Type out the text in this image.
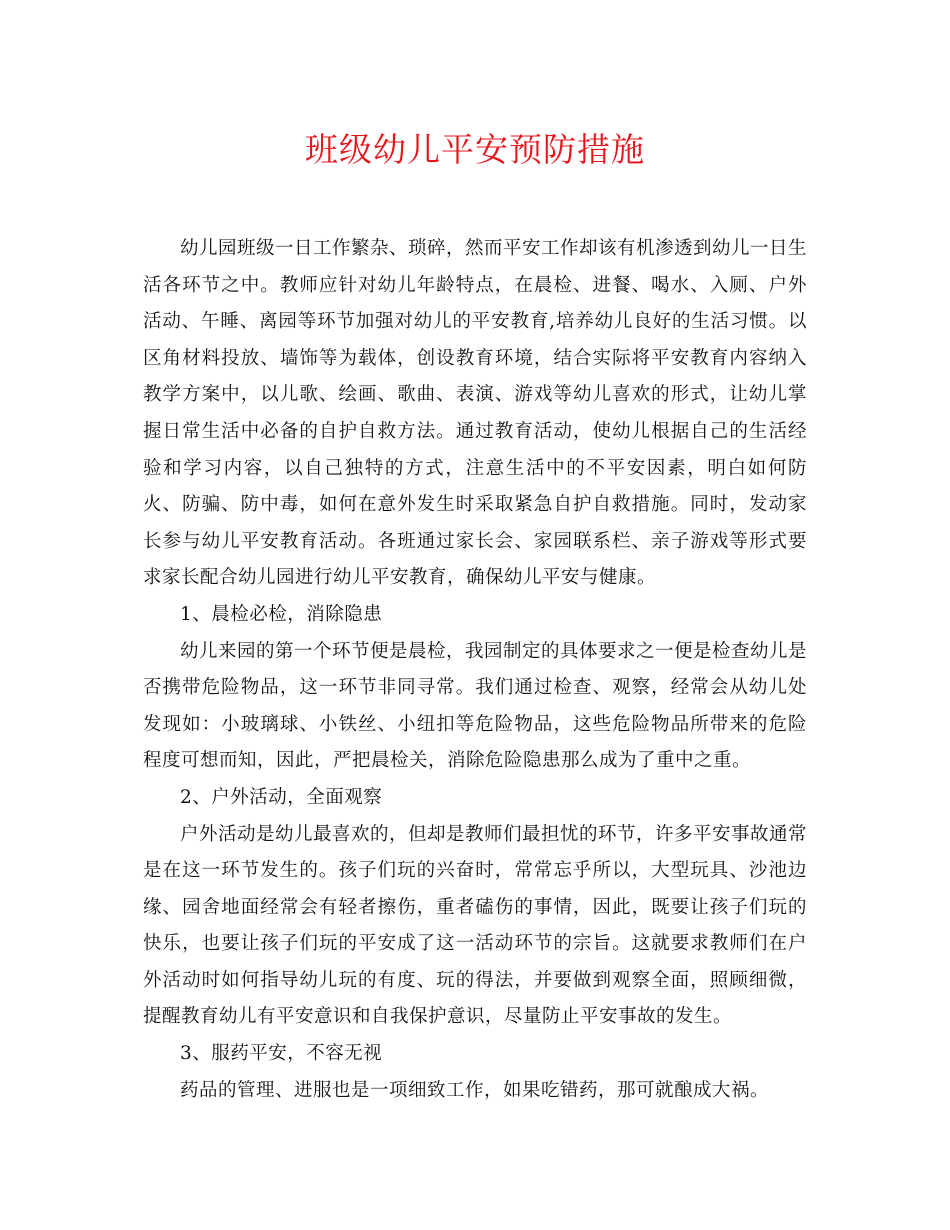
班级幼儿平安预防措施

幼儿园班级一日工作繁杂、琐碎，然而平安工作却该有机渗透到幼儿一日生活各环节之中。教师应针对幼儿年龄特点，在晨检、进餐、喝水、入厕、户外活动、午睡、离园等环节加强对幼儿的平安教育,培养幼儿良好的生活习惯。以区角材料投放、墙饰等为载体，创设教育环境，结合实际将平安教育内容纳入教学方案中，以儿歌、绘画、歌曲、表演、游戏等幼儿喜欢的形式，让幼儿掌握日常生活中必备的自护自救方法。通过教育活动，使幼儿根据自己的生活经验和学习内容，以自己独特的方式，注意生活中的不平安因素，明白如何防火、防骗、防中毒，如何在意外发生时采取紧急自护自救措施。同时，发动家长参与幼儿平安教育活动。各班通过家长会、家园联系栏、亲子游戏等形式要求家长配合幼儿园进行幼儿平安教育，确保幼儿平安与健康。

1、晨检必检，消除隐患

幼儿来园的第一个环节便是晨检，我园制定的具体要求之一便是检查幼儿是否携带危险物品，这一环节非同寻常。我们通过检查、观察，经常会从幼儿处发现如：小玻璃球、小铁丝、小纽扣等危险物品，这些危险物品所带来的危险程度可想而知，因此，严把晨检关，消除危险隐患那么成为了重中之重。

2、户外活动，全面观察

户外活动是幼儿最喜欢的，但却是教师们最担忧的环节，许多平安事故通常是在这一环节发生的。孩子们玩的兴奋时，常常忘乎所以，大型玩具、沙池边缘、园舍地面经常会有轻者擦伤，重者磕伤的事情，因此，既要让孩子们玩的快乐，也要让孩子们玩的平安成了这一活动环节的宗旨。这就要求教师们在户外活动时如何指导幼儿玩的有度、玩的得法，并要做到观察全面，照顾细微，提醒教育幼儿有平安意识和自我保护意识，尽量防止平安事故的发生。

3、服药平安，不容无视

药品的管理、进服也是一项细致工作，如果吃错药，那可就酿成大祸。
